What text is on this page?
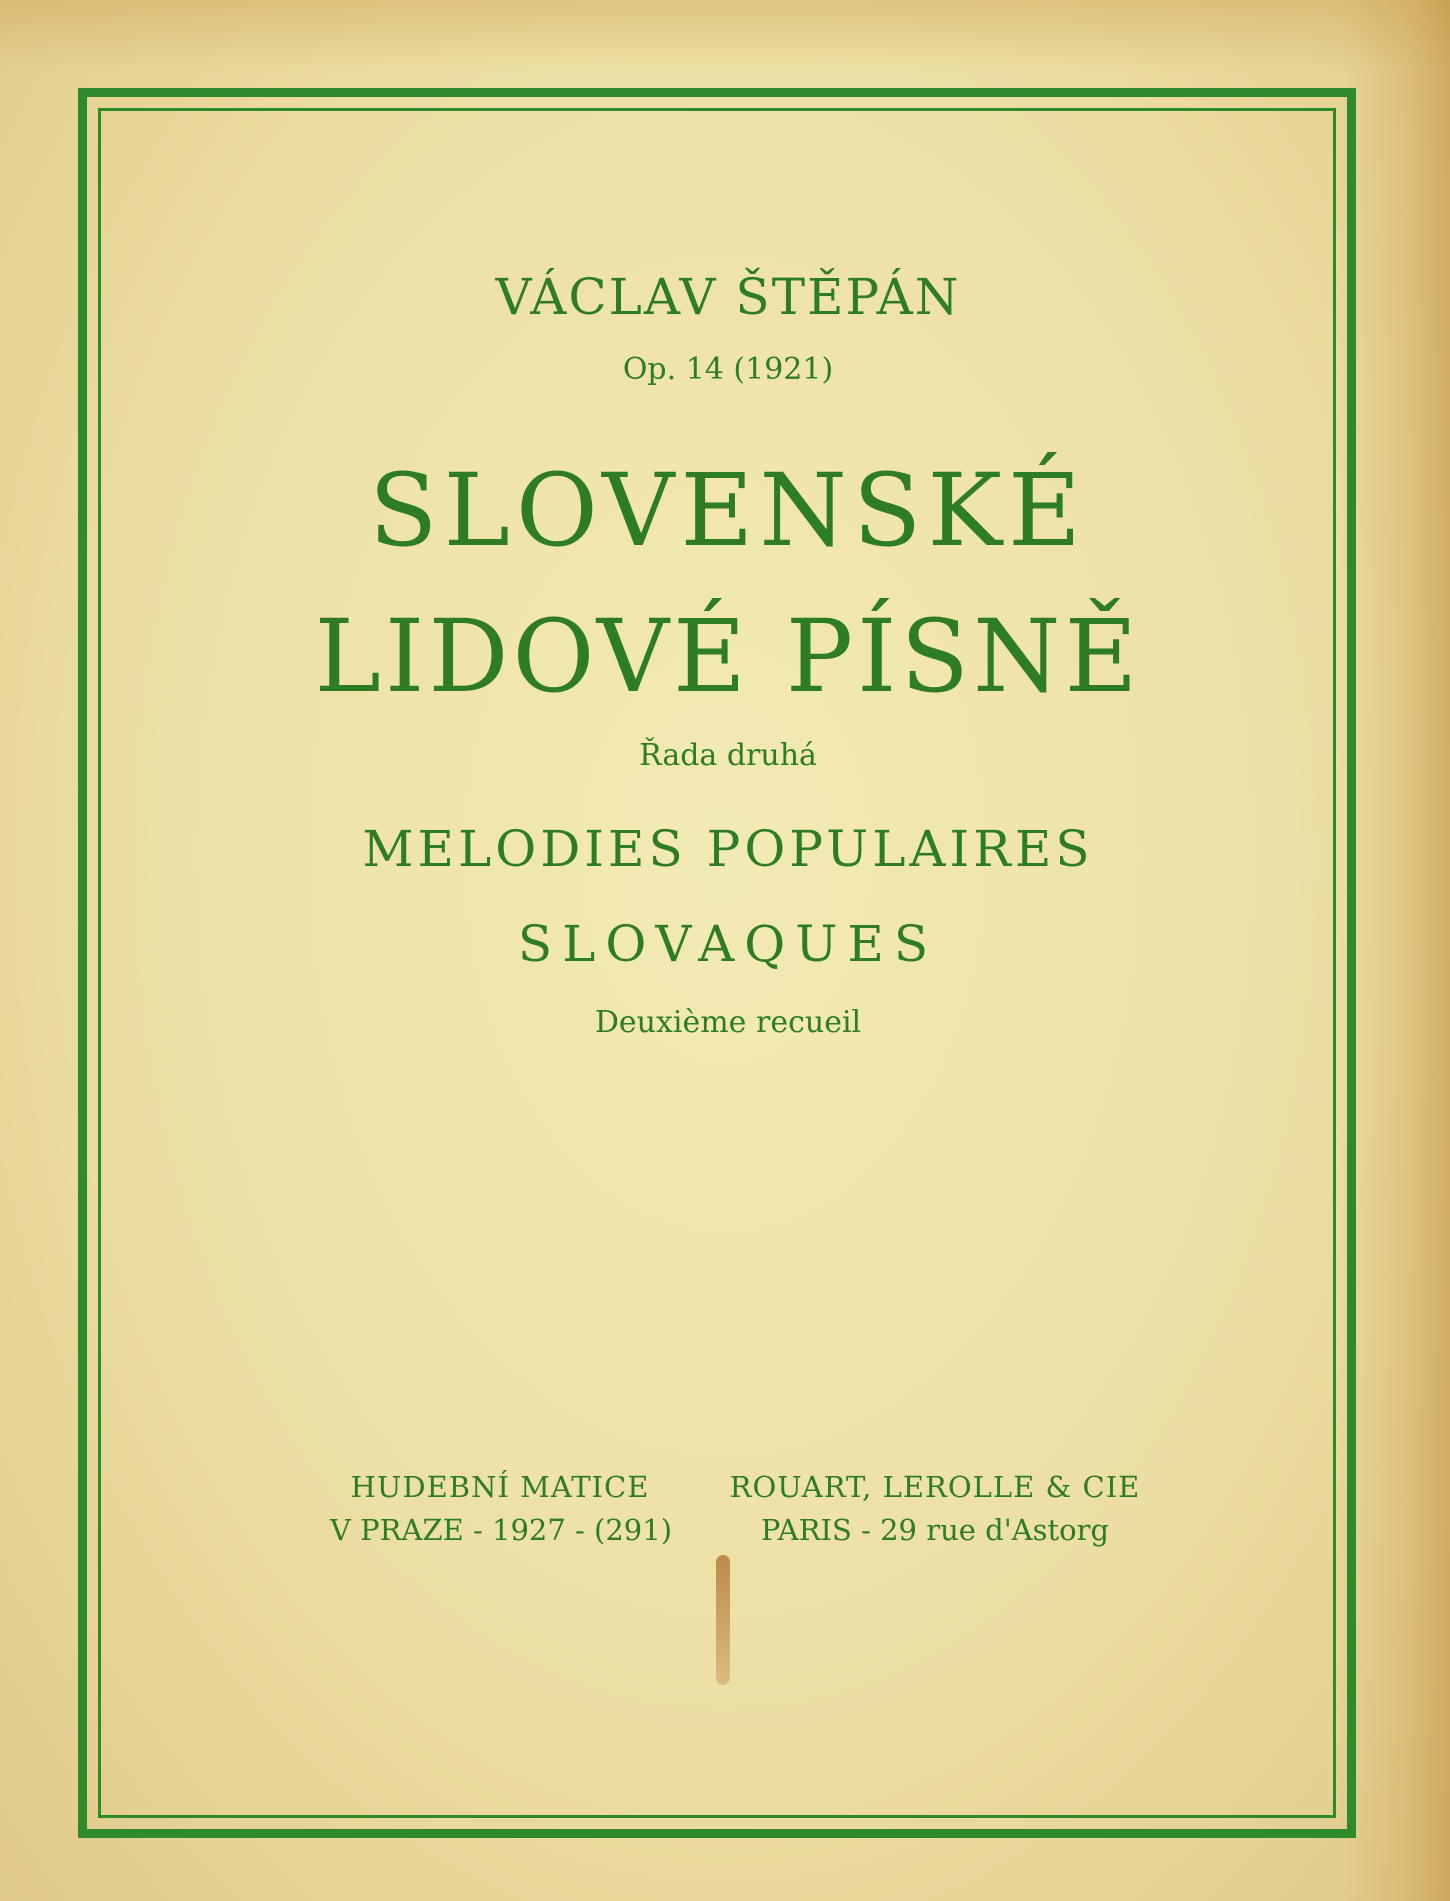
VÁCLAV ŠTĚPÁN
Op. 14 (1921)
SLOVENSKÉ
LIDOVÉ PÍSNĚ
Řada druhá
MELODIES POPULAIRES
SLOVAQUES
Deuxième recueil
HUDEBNÍ MATICE
V PRAZE - 1927 - (291)
ROUART, LEROLLE & CIE
PARIS - 29 rue d'Astorg
